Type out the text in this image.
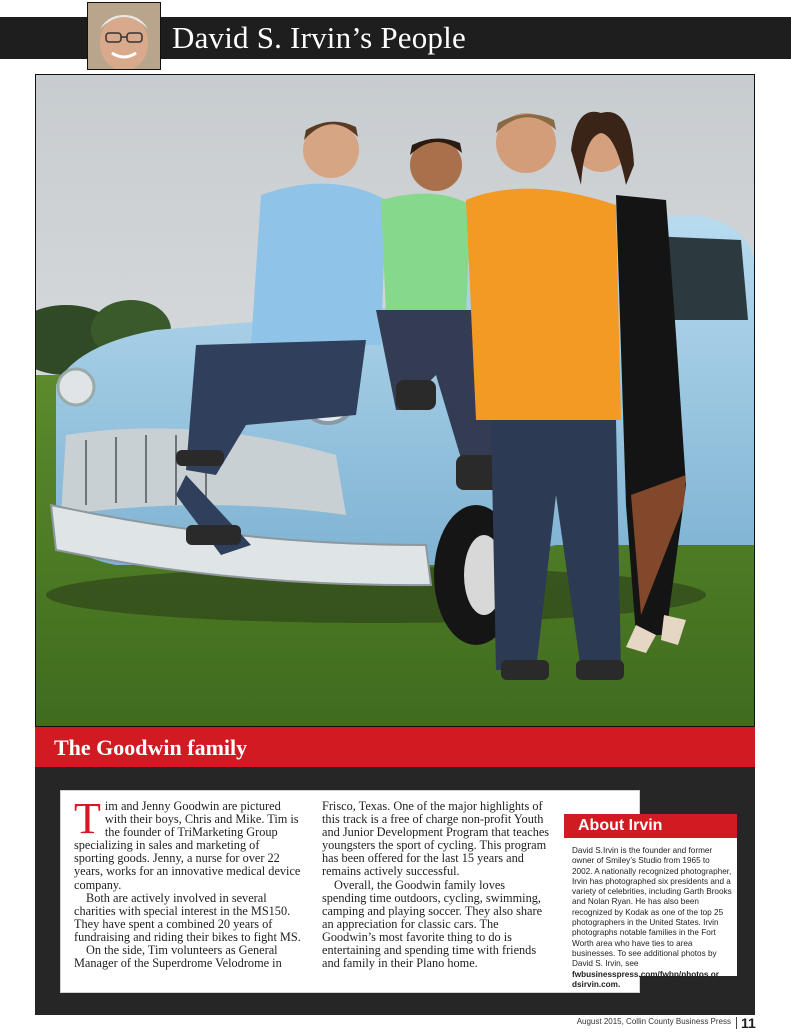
David S. Irvin’s People
The Goodwin family

Tim and Jenny Goodwin are pictured with their boys, Chris and Mike. Tim is the founder of TriMarketing Group specializing in sales and marketing of sporting goods. Jenny, a nurse for over 22 years, works for an innovative medical device company.

Both are actively involved in several charities with special interest in the MS150. They have spent a combined 20 years of fundraising and riding their bikes to fight MS.

On the side, Tim volunteers as General Manager of the Superdrome Velodrome in Frisco, Texas. One of the major highlights of this track is a free of charge non-profit Youth and Junior Development Program that teaches youngsters the sport of cycling. This program has been offered for the last 15 years and remains actively successful.

Overall, the Goodwin family loves spending time outdoors, cycling, swimming, camping and playing soccer. They also share an appreciation for classic cars. The Goodwin’s most favorite thing to do is entertaining and spending time with friends and family in their Plano home.

About Irvin
David S.Irvin is the founder and former owner of Smiley’s Studio from 1965 to 2002. A nationally recognized photographer, Irvin has photographed six presidents and a variety of celebrities, including Garth Brooks and Nolan Ryan. He has also been recognized by Kodak as one of the top 25 photographers in the United States. Irvin photographs notable families in the Fort Worth area who have ties to area businesses. To see additional photos by David S. Irvin, see fwbusinesspress.com/fwbp/photos or dsirvin.com.
August 2015, Collin County Business Press 11
